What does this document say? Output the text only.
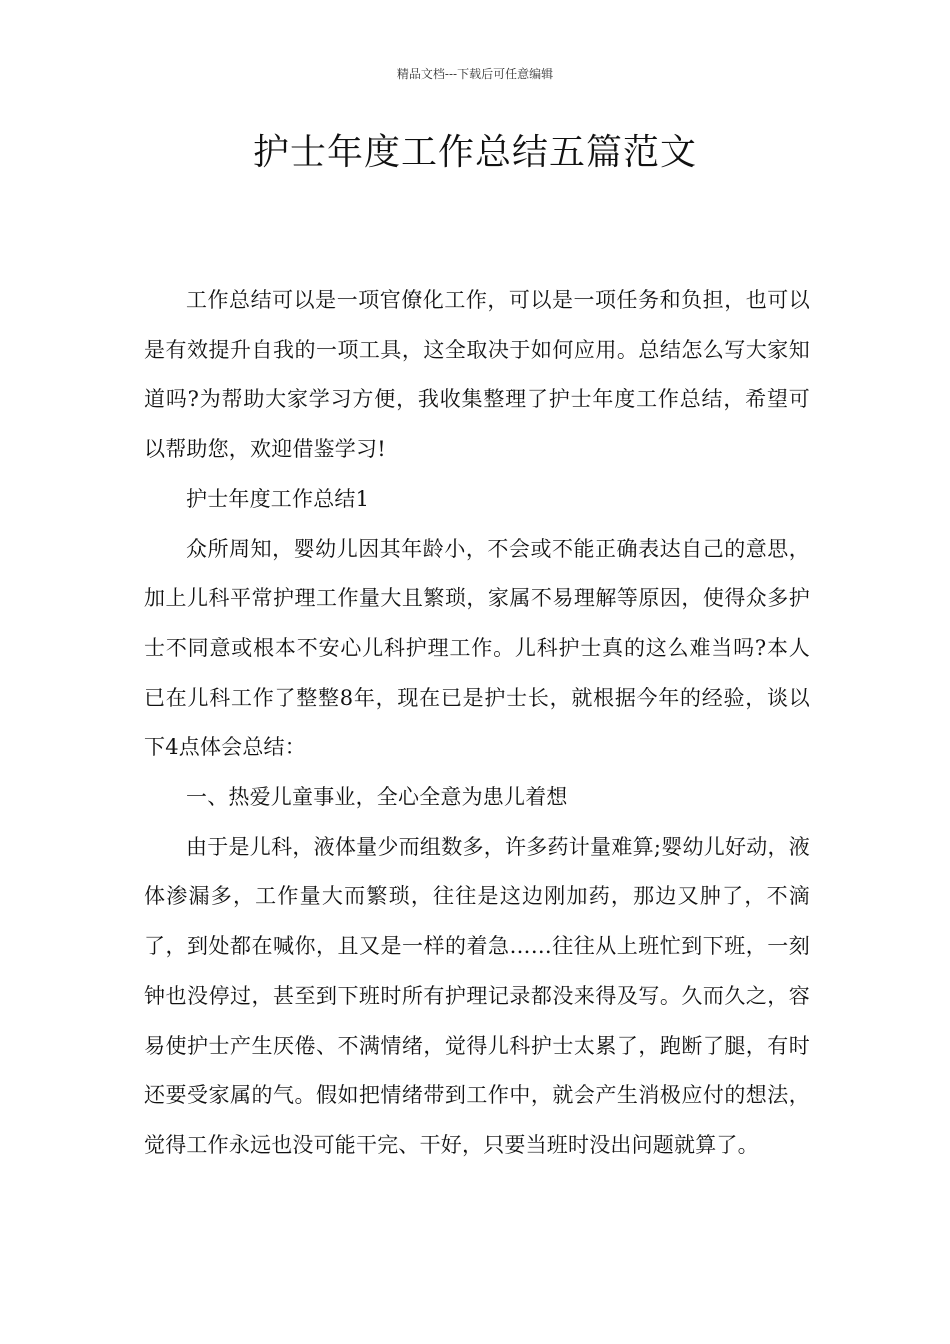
精品文档---下载后可任意编辑
护士年度工作总结五篇范文

工作总结可以是一项官僚化工作，可以是一项任务和负担，也可以是有效提升自我的一项工具，这全取决于如何应用。总结怎么写大家知道吗?为帮助大家学习方便，我收集整理了护士年度工作总结，希望可以帮助您，欢迎借鉴学习!

护士年度工作总结1

众所周知，婴幼儿因其年龄小，不会或不能正确表达自己的意思，加上儿科平常护理工作量大且繁琐，家属不易理解等原因，使得众多护士不同意或根本不安心儿科护理工作。儿科护士真的这么难当吗?本人已在儿科工作了整整8年，现在已是护士长，就根据今年的经验，谈以下4点体会总结：

一、热爱儿童事业，全心全意为患儿着想

由于是儿科，液体量少而组数多，许多药计量难算;婴幼儿好动，液体渗漏多，工作量大而繁琐，往往是这边刚加药，那边又肿了，不滴了，到处都在喊你，且又是一样的着急……往往从上班忙到下班，一刻钟也没停过，甚至到下班时所有护理记录都没来得及写。久而久之，容易使护士产生厌倦、不满情绪，觉得儿科护士太累了，跑断了腿，有时还要受家属的气。假如把情绪带到工作中，就会产生消极应付的想法，觉得工作永远也没可能干完、干好，只要当班时没出问题就算了。
